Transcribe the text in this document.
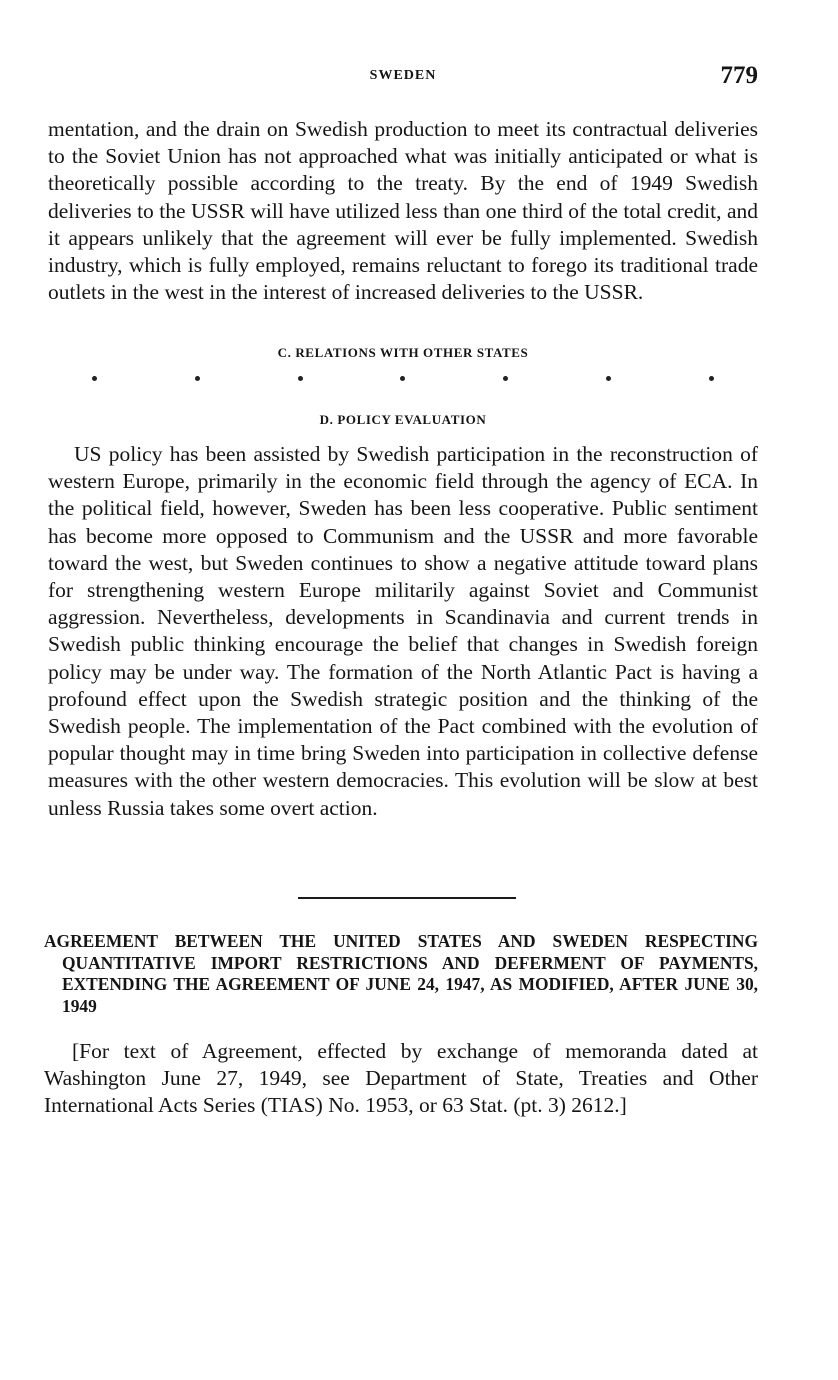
SWEDEN	779

mentation, and the drain on Swedish production to meet its contractual deliveries to the Soviet Union has not approached what was initially anticipated or what is theoretically possible according to the treaty. By the end of 1949 Swedish deliveries to the USSR will have utilized less than one third of the total credit, and it appears unlikely that the agreement will ever be fully implemented. Swedish industry, which is fully employed, remains reluctant to forego its traditional trade outlets in the west in the interest of increased deliveries to the USSR.

C. RELATIONS WITH OTHER STATES
D. POLICY EVALUATION

US policy has been assisted by Swedish participation in the reconstruction of western Europe, primarily in the economic field through the agency of ECA. In the political field, however, Sweden has been less cooperative. Public sentiment has become more opposed to Communism and the USSR and more favorable toward the west, but Sweden continues to show a negative attitude toward plans for strengthening western Europe militarily against Soviet and Communist aggression. Nevertheless, developments in Scandinavia and current trends in Swedish public thinking encourage the belief that changes in Swedish foreign policy may be under way. The formation of the North Atlantic Pact is having a profound effect upon the Swedish strategic position and the thinking of the Swedish people. The implementation of the Pact combined with the evolution of popular thought may in time bring Sweden into participation in collective defense measures with the other western democracies. This evolution will be slow at best unless Russia takes some overt action.

AGREEMENT BETWEEN THE UNITED STATES AND SWEDEN RESPECTING QUANTITATIVE IMPORT RESTRICTIONS AND DEFERMENT OF PAYMENTS, EXTENDING THE AGREEMENT OF JUNE 24, 1947, AS MODIFIED, AFTER JUNE 30, 1949

[For text of Agreement, effected by exchange of memoranda dated at Washington June 27, 1949, see Department of State, Treaties and Other International Acts Series (TIAS) No. 1953, or 63 Stat. (pt. 3) 2612.]
